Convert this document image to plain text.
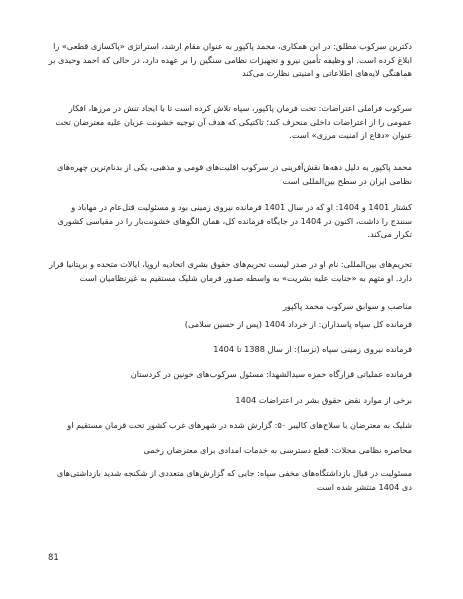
دکترین سرکوب مطلق: در این همکاری، محمد پاکپور به عنوان مقام ارشد، استراتژی «پاکسازی قطعی» را ابلاغ کرده است. او وظیفه تأمین نیرو و تجهیزات نظامی سنگین را بر عهده دارد، در حالی که احمد وحیدی بر هماهنگی لایه‌های اطلاعاتی و امنیتی نظارت می‌کند
سرکوب فراملی اعتراضات: تحت فرمان پاکپور، سپاه تلاش کرده است تا با ایجاد تنش در مرزها، افکار عمومی را از اعتراضات داخلی منحرف کند؛ تاکتیکی که هدف آن توجیه خشونت عریان علیه معترضان تحت عنوان «دفاع از امنیت مرزی» است.
محمد پاکپور به دلیل دهه‌ها نقش‌آفرینی در سرکوب اقلیت‌های قومی و مذهبی، یکی از بدنام‌ترین چهره‌های نظامی ایران در سطح بین‌المللی است
کشتار 1401 و 1404: او که در سال 1401 فرمانده نیروی زمینی بود و مسئولیت قتل‌عام در مهاباد و سنندج را داشت، اکنون در 1404 در جایگاه فرمانده کل، همان الگوهای خشونت‌بار را در مقیاسی کشوری تکرار می‌کند.
تحریم‌های بین‌المللی: نام او در صدر لیست تحریم‌های حقوق بشری اتحادیه اروپا، ایالات متحده و بریتانیا قرار دارد. او متهم به «جنایت علیه بشریت» به واسطه صدور فرمان شلیک مستقیم به غیرنظامیان است
مناصب و سوابق سرکوب محمد پاکپور
فرمانده کل سپاه پاسداران: از خرداد 1404 (پس از حسین سلامی)
فرمانده نیروی زمینی سپاه (نزسا): از سال 1388 تا 1404
فرمانده عملیاتی قرارگاه حمزه سیدالشهدا: مسئول سرکوب‌های خونین در کردستان
برخی از موارد نقض حقوق بشر در اعتراضات 1404
شلیک به معترضان با سلاح‌های کالیبر ۵۰: گزارش شده در شهرهای غرب کشور تحت فرمان مستقیم او
محاصره نظامی محلات: قطع دسترسی به خدمات امدادی برای معترضان زخمی
مسئولیت در قبال بازداشتگاه‌های مخفی سپاه: جایی که گزارش‌های متعددی از شکنجه شدید بازداشتی‌های دی 1404 منتشر شده است
81
